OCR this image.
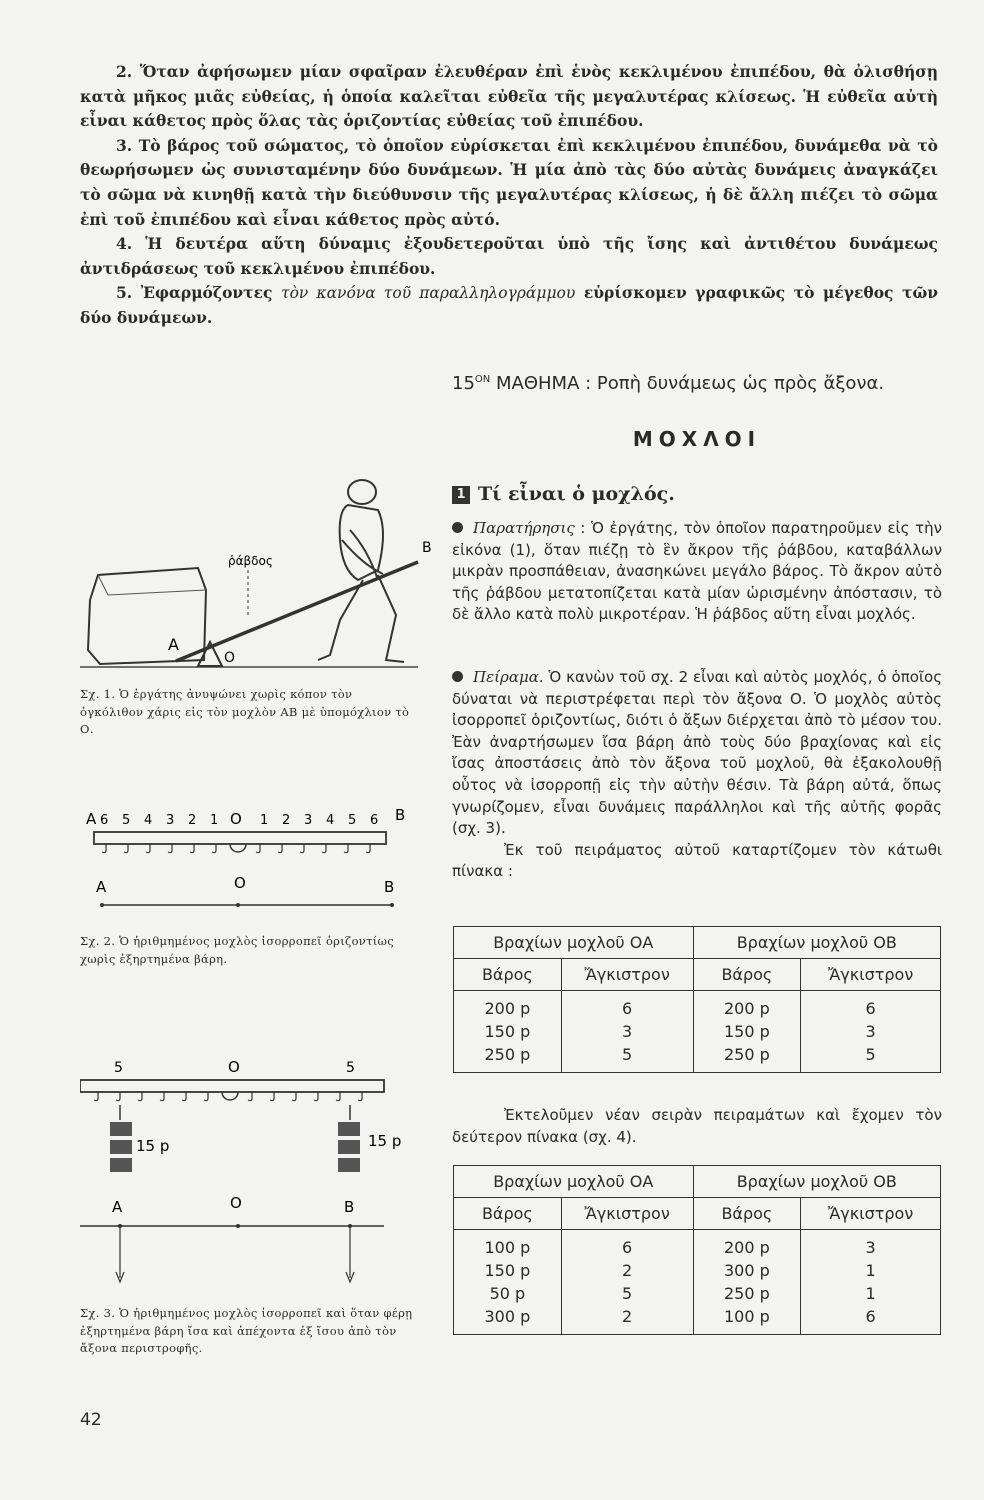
2. Ὅταν ἀφήσωμεν μίαν σφαῖραν ἐλευθέραν ἐπὶ ἑνὸς κεκλιμένου ἐπιπέδου, θὰ ὀλισθήσῃ κατὰ μῆκος μιᾶς εὐθείας, ἡ ὁποία καλεῖται εὐθεῖα τῆς μεγαλυτέρας κλίσεως. Ἡ εὐθεῖα αὐτὴ εἶναι κάθετος πρὸς ὅλας τὰς ὁριζοντίας εὐθείας τοῦ ἐπιπέδου.

3. Τὸ βάρος τοῦ σώματος, τὸ ὁποῖον εὑρίσκεται ἐπὶ κεκλιμένου ἐπιπέδου, δυνάμεθα νὰ τὸ θεωρήσωμεν ὡς συνισταμένην δύο δυνάμεων. Ἡ μία ἀπὸ τὰς δύο αὐτὰς δυνάμεις ἀναγκάζει τὸ σῶμα νὰ κινηθῇ κατὰ τὴν διεύθυνσιν τῆς μεγαλυτέρας κλίσεως, ἡ δὲ ἄλλη πιέζει τὸ σῶμα ἐπὶ τοῦ ἐπιπέδου καὶ εἶναι κάθετος πρὸς αὐτό.

4. Ἡ δευτέρα αὕτη δύναμις ἐξουδετεροῦται ὑπὸ τῆς ἴσης καὶ ἀντιθέτου δυνάμεως ἀντιδράσεως τοῦ κεκλιμένου ἐπιπέδου.

5. Ἐφαρμόζοντες τὸν κανόνα τοῦ παραλληλογράμμου εὑρίσκομεν γραφικῶς τὸ μέγεθος τῶν δύο δυνάμεων.

$15^{ON}$ ΜΑΘΗΜΑ : Ροπὴ δυνάμεως ὡς πρὸς ἄξονα.
ΜΟΧΛΟΙ
1 Τί εἶναι ὁ μοχλός.

Παρατήρησις : Ὁ ἐργάτης, τὸν ὁποῖον παρατηροῦμεν εἰς τὴν εἰκόνα (1), ὅταν πιέζῃ τὸ ἓν ἄκρον τῆς ῥάβδου, καταβάλλων μικρὰν προσπάθειαν, ἀνασηκώνει μεγάλο βάρος. Τὸ ἄκρον αὐτὸ τῆς ῥάβδου μετατοπίζεται κατὰ μίαν ὡρισμένην ἀπόστασιν, τὸ δὲ ἄλλο κατὰ πολὺ μικροτέραν. Ἡ ῥάβδος αὕτη εἶναι μοχλός.

Πείραμα. Ὁ κανὼν τοῦ σχ. 2 εἶναι καὶ αὐτὸς μοχλός, ὁ ὁποῖος δύναται νὰ περιστρέφεται περὶ τὸν ἄξονα Ο. Ὁ μοχλὸς αὐτὸς ἰσορροπεῖ ὁριζοντίως, διότι ὁ ἄξων διέρχεται ἀπὸ τὸ μέσον του. Ἐὰν ἀναρτήσωμεν ἴσα βάρη ἀπὸ τοὺς δύο βραχίονας καὶ εἰς ἴσας ἀποστάσεις ἀπὸ τὸν ἄξονα τοῦ μοχλοῦ, θὰ ἐξακολουθῇ οὗτος νὰ ἰσορροπῇ εἰς τὴν αὐτὴν θέσιν. Τὰ βάρη αὐτά, ὅπως γνωρίζομεν, εἶναι δυνάμεις παράλληλοι καὶ τῆς αὐτῆς φορᾶς (σχ. 3).

Ἐκ τοῦ πειράματος αὐτοῦ καταρτίζομεν τὸν κάτωθι πίνακα :

Βραχίων μοχλοῦ ΟΑ		Βραχίων μοχλοῦ ΟΒ	
Βάρος	Ἄγκιστρον	Βάρος	Ἄγκιστρον
200 p	6	200 p	6
150 p	3	150 p	3
250 p	5	250 p	5

Ἐκτελοῦμεν νέαν σειρὰν πειραμάτων καὶ ἔχομεν τὸν δεύτερον πίνακα (σχ. 4).

Βραχίων μοχλοῦ ΟΑ		Βραχίων μοχλοῦ ΟΒ	
Βάρος	Ἄγκιστρον	Βάρος	Ἄγκιστρον
100 p	6	200 p	3
150 p	2	300 p	1
50 p	5	250 p	1
300 p	2	100 p	6
ῥάβδος
A
B
O
Σχ. 1. Ὁ ἐργάτης ἀνυψώνει χωρὶς κόπον τὸν ὀγκόλιθον χάρις εἰς τὸν μοχλὸν ΑΒ μὲ ὑπομόχλιον τὸ Ο.
A 6 5 4 3 2 1	1 2 3 4 5 6
O	B
A	O	B
Σχ. 2. Ὁ ἠριθμημένος μοχλὸς ἰσορροπεῖ ὁριζοντίως χωρὶς ἐξηρτημένα βάρη.
5	O	5
15 p	15 p
A	O	B
Σχ. 3. Ὁ ἠριθμημένος μοχλὸς ἰσορροπεῖ καὶ ὅταν φέρῃ ἐξηρτημένα βάρη ἴσα καὶ ἀπέχοντα ἐξ ἴσου ἀπὸ τὸν ἄξονα περιστροφῆς.
42
